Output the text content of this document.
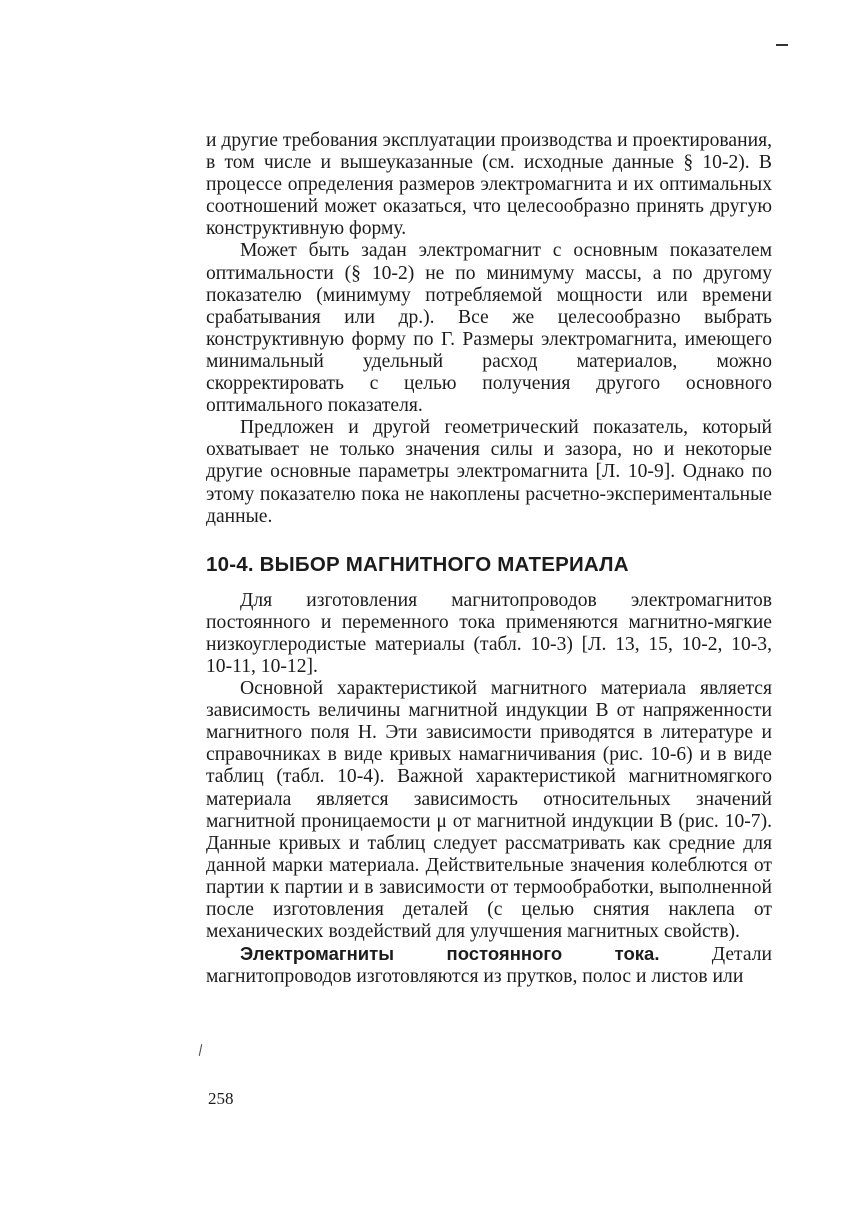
и другие требования эксплуатации производства и проектирования, в том числе и вышеуказанные (см. исходные данные § 10-2). В процессе определения размеров электромагнита и их оптимальных соотношений может оказаться, что целесообразно принять другую конструктивную форму.

Может быть задан электромагнит с основным показателем оптимальности (§ 10-2) не по минимуму массы, а по другому показателю (минимуму потребляемой мощности или времени срабатывания или др.). Все же целесообразно выбрать конструктивную форму по Г. Размеры электромагнита, имеющего минимальный удельный расход материалов, можно скорректировать с целью получения другого основного оптимального показателя.

Предложен и другой геометрический показатель, который охватывает не только значения силы и зазора, но и некоторые другие основные параметры электромагнита [Л. 10-9]. Однако по этому показателю пока не накоплены расчетно-экспериментальные данные.

10-4. ВЫБОР МАГНИТНОГО МАТЕРИАЛА

Для изготовления магнитопроводов электромагнитов постоянного и переменного тока применяются магнитно-мягкие низкоуглеродистые материалы (табл. 10-3) [Л. 13, 15, 10-2, 10-3, 10-11, 10-12].

Основной характеристикой магнитного материала является зависимость величины магнитной индукции B от напряженности магнитного поля H. Эти зависимости приводятся в литературе и справочниках в виде кривых намагничивания (рис. 10-6) и в виде таблиц (табл. 10-4). Важной характеристикой магнитномягкого материала является зависимость относительных значений магнитной проницаемости μ от магнитной индукции B (рис. 10-7). Данные кривых и таблиц следует рассматривать как средние для данной марки материала. Действительные значения колеблются от партии к партии и в зависимости от термообработки, выполненной после изготовления деталей (с целью снятия наклепа от механических воздействий для улучшения магнитных свойств).

Электромагниты постоянного тока.	Детали магнитопроводов изготовляются из прутков, полос и листов или

258
